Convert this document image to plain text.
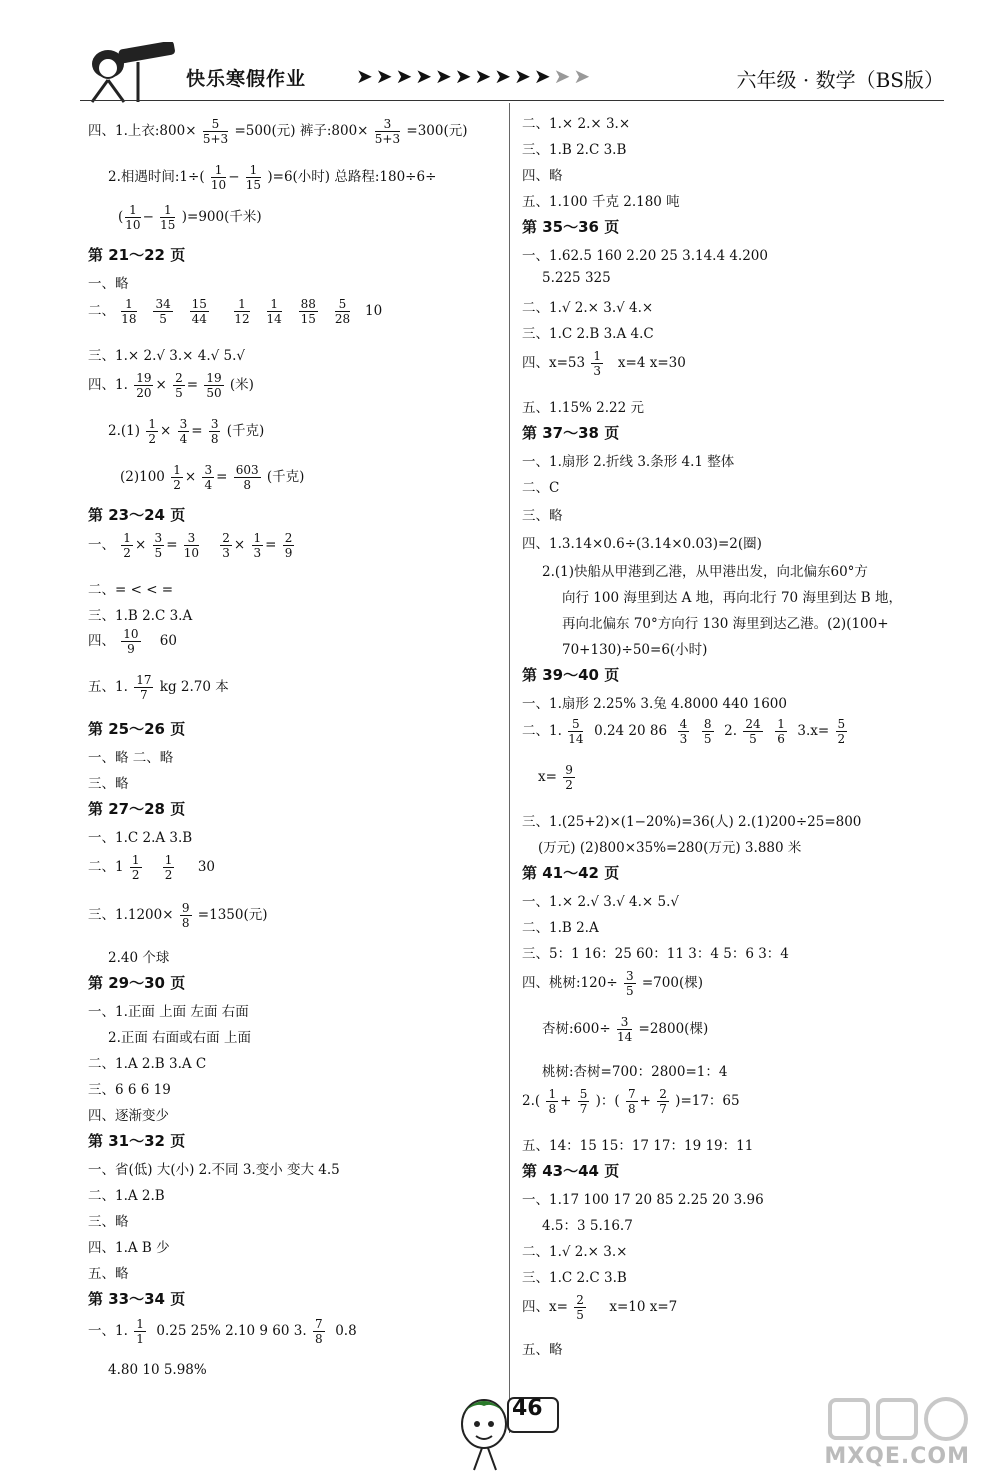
快乐寒假作业 ➤➤➤➤➤➤➤➤➤➤➤➤	六年级 · 数学（BS版）
四、1.上衣:800× $\frac{5}{5+3} =500$(元) 裤子:800× $\frac{3}{5+3} =300$(元)
2.相遇时间:1÷( $\frac{1}{10} - \frac{1}{15} )=6$(小时) 总路程:180÷6÷
( $\frac{1}{10} - \frac{1}{15} )=900$(千米)
第 21～22 页
一、略
二、 $\frac{1}{18}$
$\frac{34}{5}$
$\frac{15}{44}$
$\frac{1}{12}$
$\frac{1}{14}$
$\frac{88}{15}$
$\frac{5}{28} 10$
三、1.× 2.√ 3.× 4.√ 5.√
四、1. $\frac{19}{20} \times \frac{2}{5} = \frac{19}{50}$ (米)
$2.(1) \frac{1}{2} \times \frac{3}{4} = \frac{3}{8}$ (千克)
$(2)100 \frac{1}{2} \times \frac{3}{4} = \frac{603}{8}$ (千克)
第 23～24 页
一、 $\frac{1}{2} \times \frac{3}{5} = \frac{3}{10}$
$\frac{2}{3} \times \frac{1}{3} = \frac{2}{9}$
二、= < < =
三、1.B 2.C 3.A
四、 $\frac{10}{9} 60$
五、1. $\frac{17}{7}$ kg 2.70 本
第 25～26 页
一、略 二、略
三、略
第 27～28 页
一、1.C 2.A 3.B
二、$1 \frac{1}{2}$
$\frac{1}{2} 30$
三、$1.1200\times \frac{9}{8} =1350$(元)
2.40 个球
第 29～30 页
一、1.正面 上面 左面 右面
2.正面 右面或右面 上面
二、1.A 2.B 3.A C
三、6 6 6 19
四、逐渐变少
第 31～32 页
一、省(低) 大(小) 2.不同 3.变小 变大 4.5
二、1.A 2.B
三、略
四、1.A B 少
五、略
第 33～34 页
一、1. $\frac{1}{1} 0.25$ 25% 2.10 9 60 3. $\frac{7}{8} 0.8$
4.80 10 5.98%
二、1.× 2.× 3.×
三、1.B 2.C 3.B
四、略
五、1.100 千克 2.180 吨
第 35～36 页
一、1.62.5 160 2.20 25 3.14.4 4.200
5.225 325
二、1.√ 2.× 3.√ 4.×
三、1.C 2.B 3.A 4.C
四、$x=53 \frac{1}{3} x=4$ x=30
五、1.15% 2.22 元
第 37～38 页
一、1.扇形 2.折线 3.条形 4.1 整体
二、C
三、略
四、1.3.14×0.6÷(3.14×0.03)=2(圈)
2.(1)快船从甲港到乙港，从甲港出发，向北偏东60°方
向行 100 海里到达 A 地，再向北行 70 海里到达 B 地，
再向北偏东 70°方向行 130 海里到达乙港。(2)(100+
70+130)÷50=6(小时)
第 39～40 页
一、1.扇形 2.25% 3.兔 4.8000 440 1600
二、1. $\frac{5}{14} 0.24$ 20 $86 \frac{4}{3}$
$\frac{8}{5} 2$. $\frac{24}{5}$
$\frac{1}{6} 3.x= \frac{5}{2}$
$x= \frac{9}{2}$
三、1.(25+2)×(1−20%)=36(人) 2.(1)200÷25=800
(万元) (2)800×35%=280(万元) 3.880 米
第 41～42 页
一、1.× 2.√ 3.√ 4.× 5.√
二、1.B 2.A
三、5：1 16：25 60：11 3：4 5：6 3：4
四、桃树:120÷ $\frac{3}{5} =700$(棵)
杏树:600÷ $\frac{3}{14} =2800$(棵)
桃树:杏树=700：2800=1：4
$2.( \frac{1}{8} + \frac{5}{7}$ )：( $\frac{7}{8} + \frac{2}{7} )=17$：65
五、14：15 15：17 17：19 19：11
第 43～44 页
一、1.17 100 17 20 85 2.25 20 3.96
4.5：3 5.16.7
二、1.√ 2.× 3.×
三、1.C 2.C 3.B
四、$x= \frac{2}{5} x=10$ x=7
五、略
46
MXQE.COM
